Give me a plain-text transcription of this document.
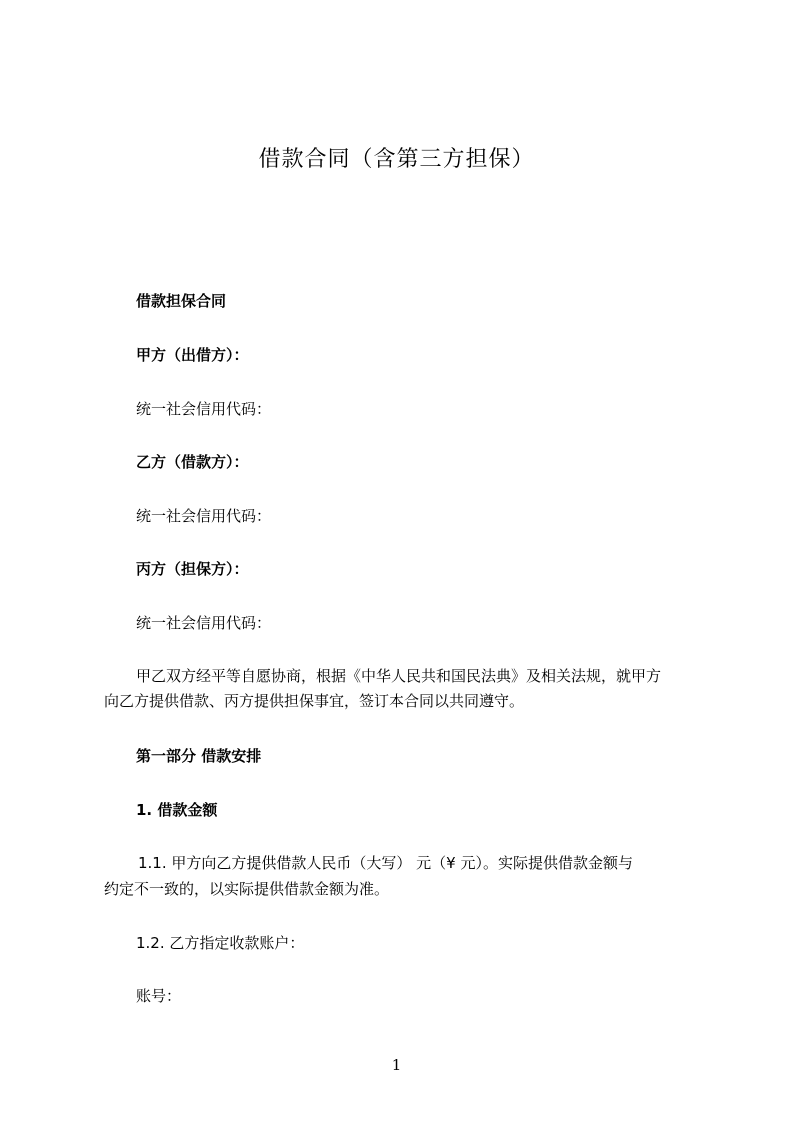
借款合同（含第三方担保）
借款担保合同
甲方（出借方）：
统一社会信用代码：
乙方（借款方）：
统一社会信用代码：
丙方（担保方）：
统一社会信用代码：
甲乙双方经平等自愿协商，根据《中华人民共和国民法典》及相关法规，就甲方
向乙方提供借款、丙方提供担保事宜，签订本合同以共同遵守。
第一部分 借款安排
1. 借款金额
1.1. 甲方向乙方提供借款人民币（大写） 元（¥ 元）。实际提供借款金额与
约定不一致的，以实际提供借款金额为准。
1.2. 乙方指定收款账户：
账号：
1
